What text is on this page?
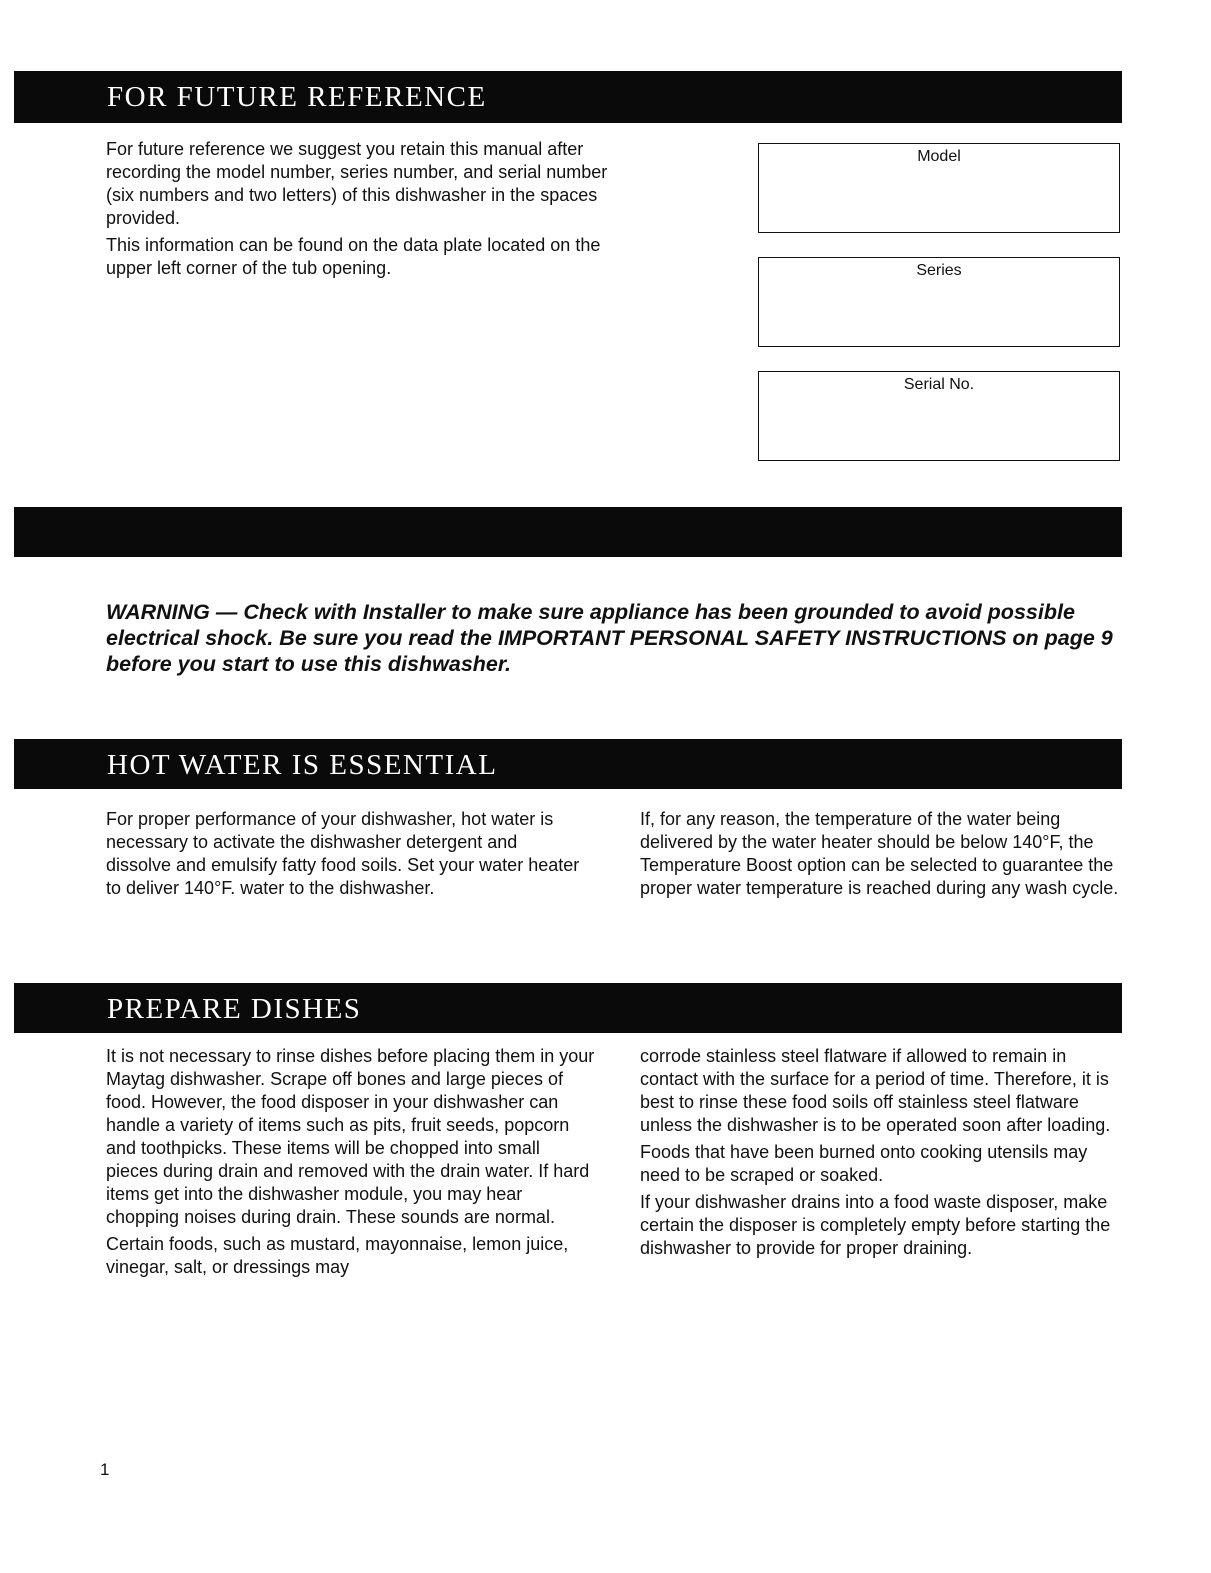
FOR FUTURE REFERENCE

For future reference we suggest you retain this manual after recording the model number, series number, and serial number (six numbers and two letters) of this dishwasher in the spaces provided.

This information can be found on the data plate located on the upper left corner of the tub opening.

Model
Series
Serial No.
WARNING — Check with Installer to make sure appliance has been grounded to avoid possible electrical shock. Be sure you read the IMPORTANT PERSONAL SAFETY INSTRUCTIONS on page 9 before you start to use this dishwasher.
HOT WATER IS ESSENTIAL

For proper performance of your dishwasher, hot water is necessary to activate the dishwasher detergent and dissolve and emulsify fatty food soils. Set your water heater to deliver 140°F. water to the dishwasher.

If, for any reason, the temperature of the water being delivered by the water heater should be below 140°F, the Temperature Boost option can be selected to guarantee the proper water temperature is reached during any wash cycle.

PREPARE DISHES

It is not necessary to rinse dishes before placing them in your Maytag dishwasher. Scrape off bones and large pieces of food. However, the food disposer in your dishwasher can handle a variety of items such as pits, fruit seeds, popcorn and toothpicks. These items will be chopped into small pieces during drain and removed with the drain water. If hard items get into the dishwasher module, you may hear chopping noises during drain. These sounds are normal.

Certain foods, such as mustard, mayonnaise, lemon juice, vinegar, salt, or dressings may

corrode stainless steel flatware if allowed to remain in contact with the surface for a period of time. Therefore, it is best to rinse these food soils off stainless steel flatware unless the dishwasher is to be operated soon after loading.

Foods that have been burned onto cooking utensils may need to be scraped or soaked.

If your dishwasher drains into a food waste disposer, make certain the disposer is completely empty before starting the dishwasher to provide for proper draining.

1
